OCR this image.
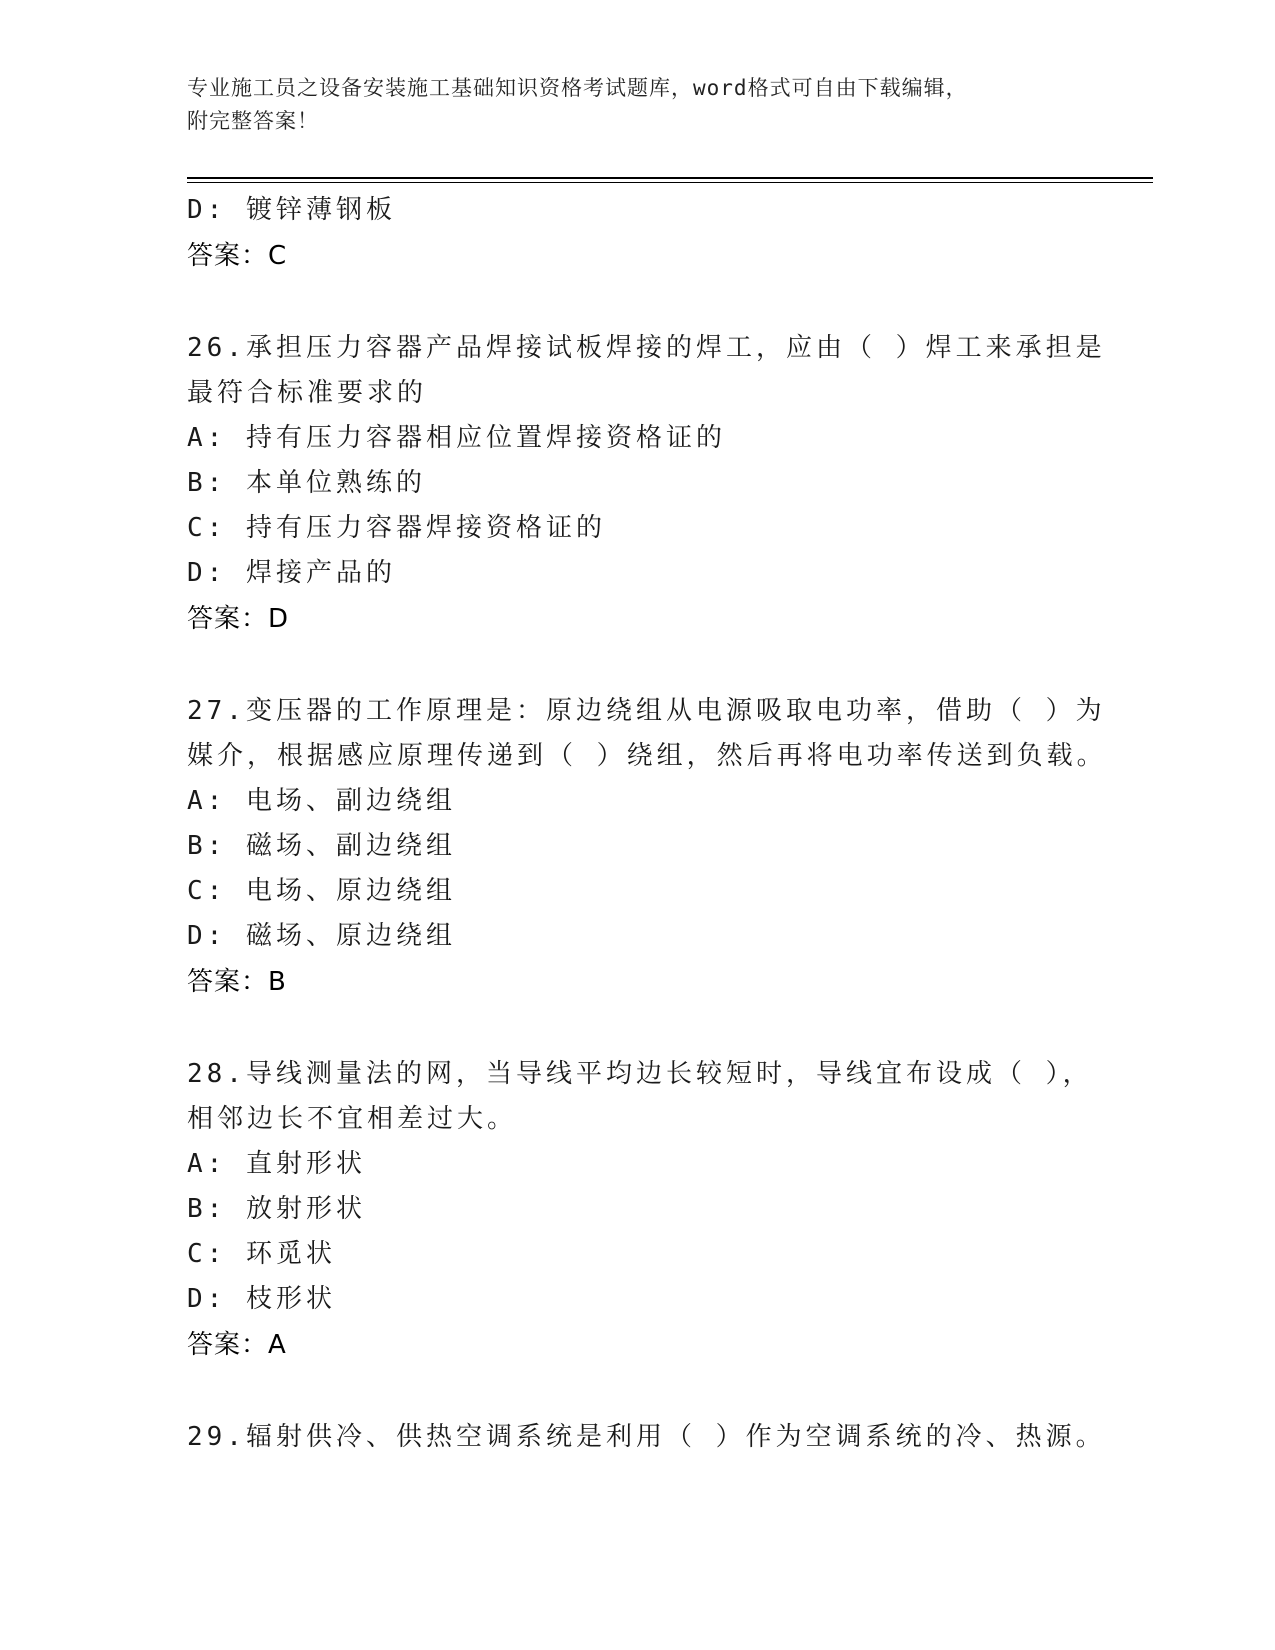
专业施工员之设备安装施工基础知识资格考试题库，word格式可自由下载编辑，
附完整答案！
D: 镀锌薄钢板
答案：C
26.承担压力容器产品焊接试板焊接的焊工，应由（ ）焊工来承担是
最符合标准要求的
A: 持有压力容器相应位置焊接资格证的
B: 本单位熟练的
C: 持有压力容器焊接资格证的
D: 焊接产品的
答案：D
27.变压器的工作原理是：原边绕组从电源吸取电功率，借助（ ）为
媒介，根据感应原理传递到（ ）绕组，然后再将电功率传送到负载。
A: 电场、副边绕组
B: 磁场、副边绕组
C: 电场、原边绕组
D: 磁场、原边绕组
答案：B
28.导线测量法的网，当导线平均边长较短时，导线宜布设成（ ），
相邻边长不宜相差过大。
A: 直射形状
B: 放射形状
C: 环觅状
D: 枝形状
答案：A
29.辐射供冷、供热空调系统是利用（ ）作为空调系统的冷、热源。
